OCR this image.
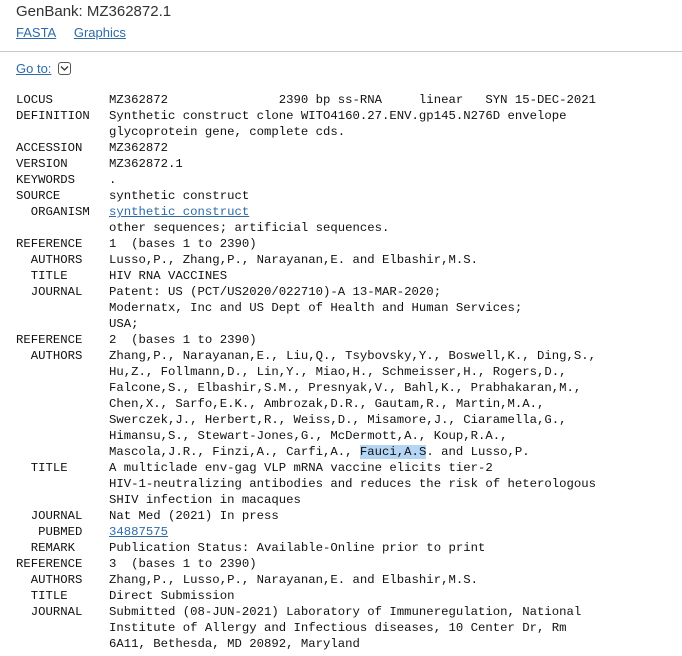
GenBank: MZ362872.1
FASTA Graphics
Go to:
LOCUS	MZ362872               2390 bp ss-RNA     linear   SYN 15-DEC-2021
DEFINITION Synthetic construct clone WITO4160.27.ENV.gp145.N276D envelope
glycoprotein gene, complete cds.
ACCESSION MZ362872
VERSION	MZ362872.1
KEYWORDS	.
SOURCE	synthetic construct
ORGANISM synthetic construct
other sequences; artificial sequences.
REFERENCE 1  (bases 1 to 2390)
AUTHORS Lusso,P., Zhang,P., Narayanan,E. and Elbashir,M.S.
TITLE	HIV RNA VACCINES
JOURNAL Patent: US (PCT/US2020/022710)-A 13-MAR-2020;
Modernatx, Inc and US Dept of Health and Human Services;
USA;
REFERENCE 2  (bases 1 to 2390)
AUTHORS Zhang,P., Narayanan,E., Liu,Q., Tsybovsky,Y., Boswell,K., Ding,S.,
Hu,Z., Follmann,D., Lin,Y., Miao,H., Schmeisser,H., Rogers,D.,
Falcone,S., Elbashir,S.M., Presnyak,V., Bahl,K., Prabhakaran,M.,
Chen,X., Sarfo,E.K., Ambrozak,D.R., Gautam,R., Martin,M.A.,
Swerczek,J., Herbert,R., Weiss,D., Misamore,J., Ciaramella,G.,
Himansu,S., Stewart-Jones,G., McDermott,A., Koup,R.A.,
Mascola,J.R., Finzi,A., Carfi,A., Fauci,A.S. and Lusso,P.
TITLE	A multiclade env-gag VLP mRNA vaccine elicits tier-2
HIV-1-neutralizing antibodies and reduces the risk of heterologous
SHIV infection in macaques
JOURNAL Nat Med (2021) In press
PUBMED 34887575
REMARK	Publication Status: Available-Online prior to print
REFERENCE 3  (bases 1 to 2390)
AUTHORS Zhang,P., Lusso,P., Narayanan,E. and Elbashir,M.S.
TITLE	Direct Submission
JOURNAL Submitted (08-JUN-2021) Laboratory of Immuneregulation, National
Institute of Allergy and Infectious diseases, 10 Center Dr, Rm
6A11, Bethesda, MD 20892, Maryland
